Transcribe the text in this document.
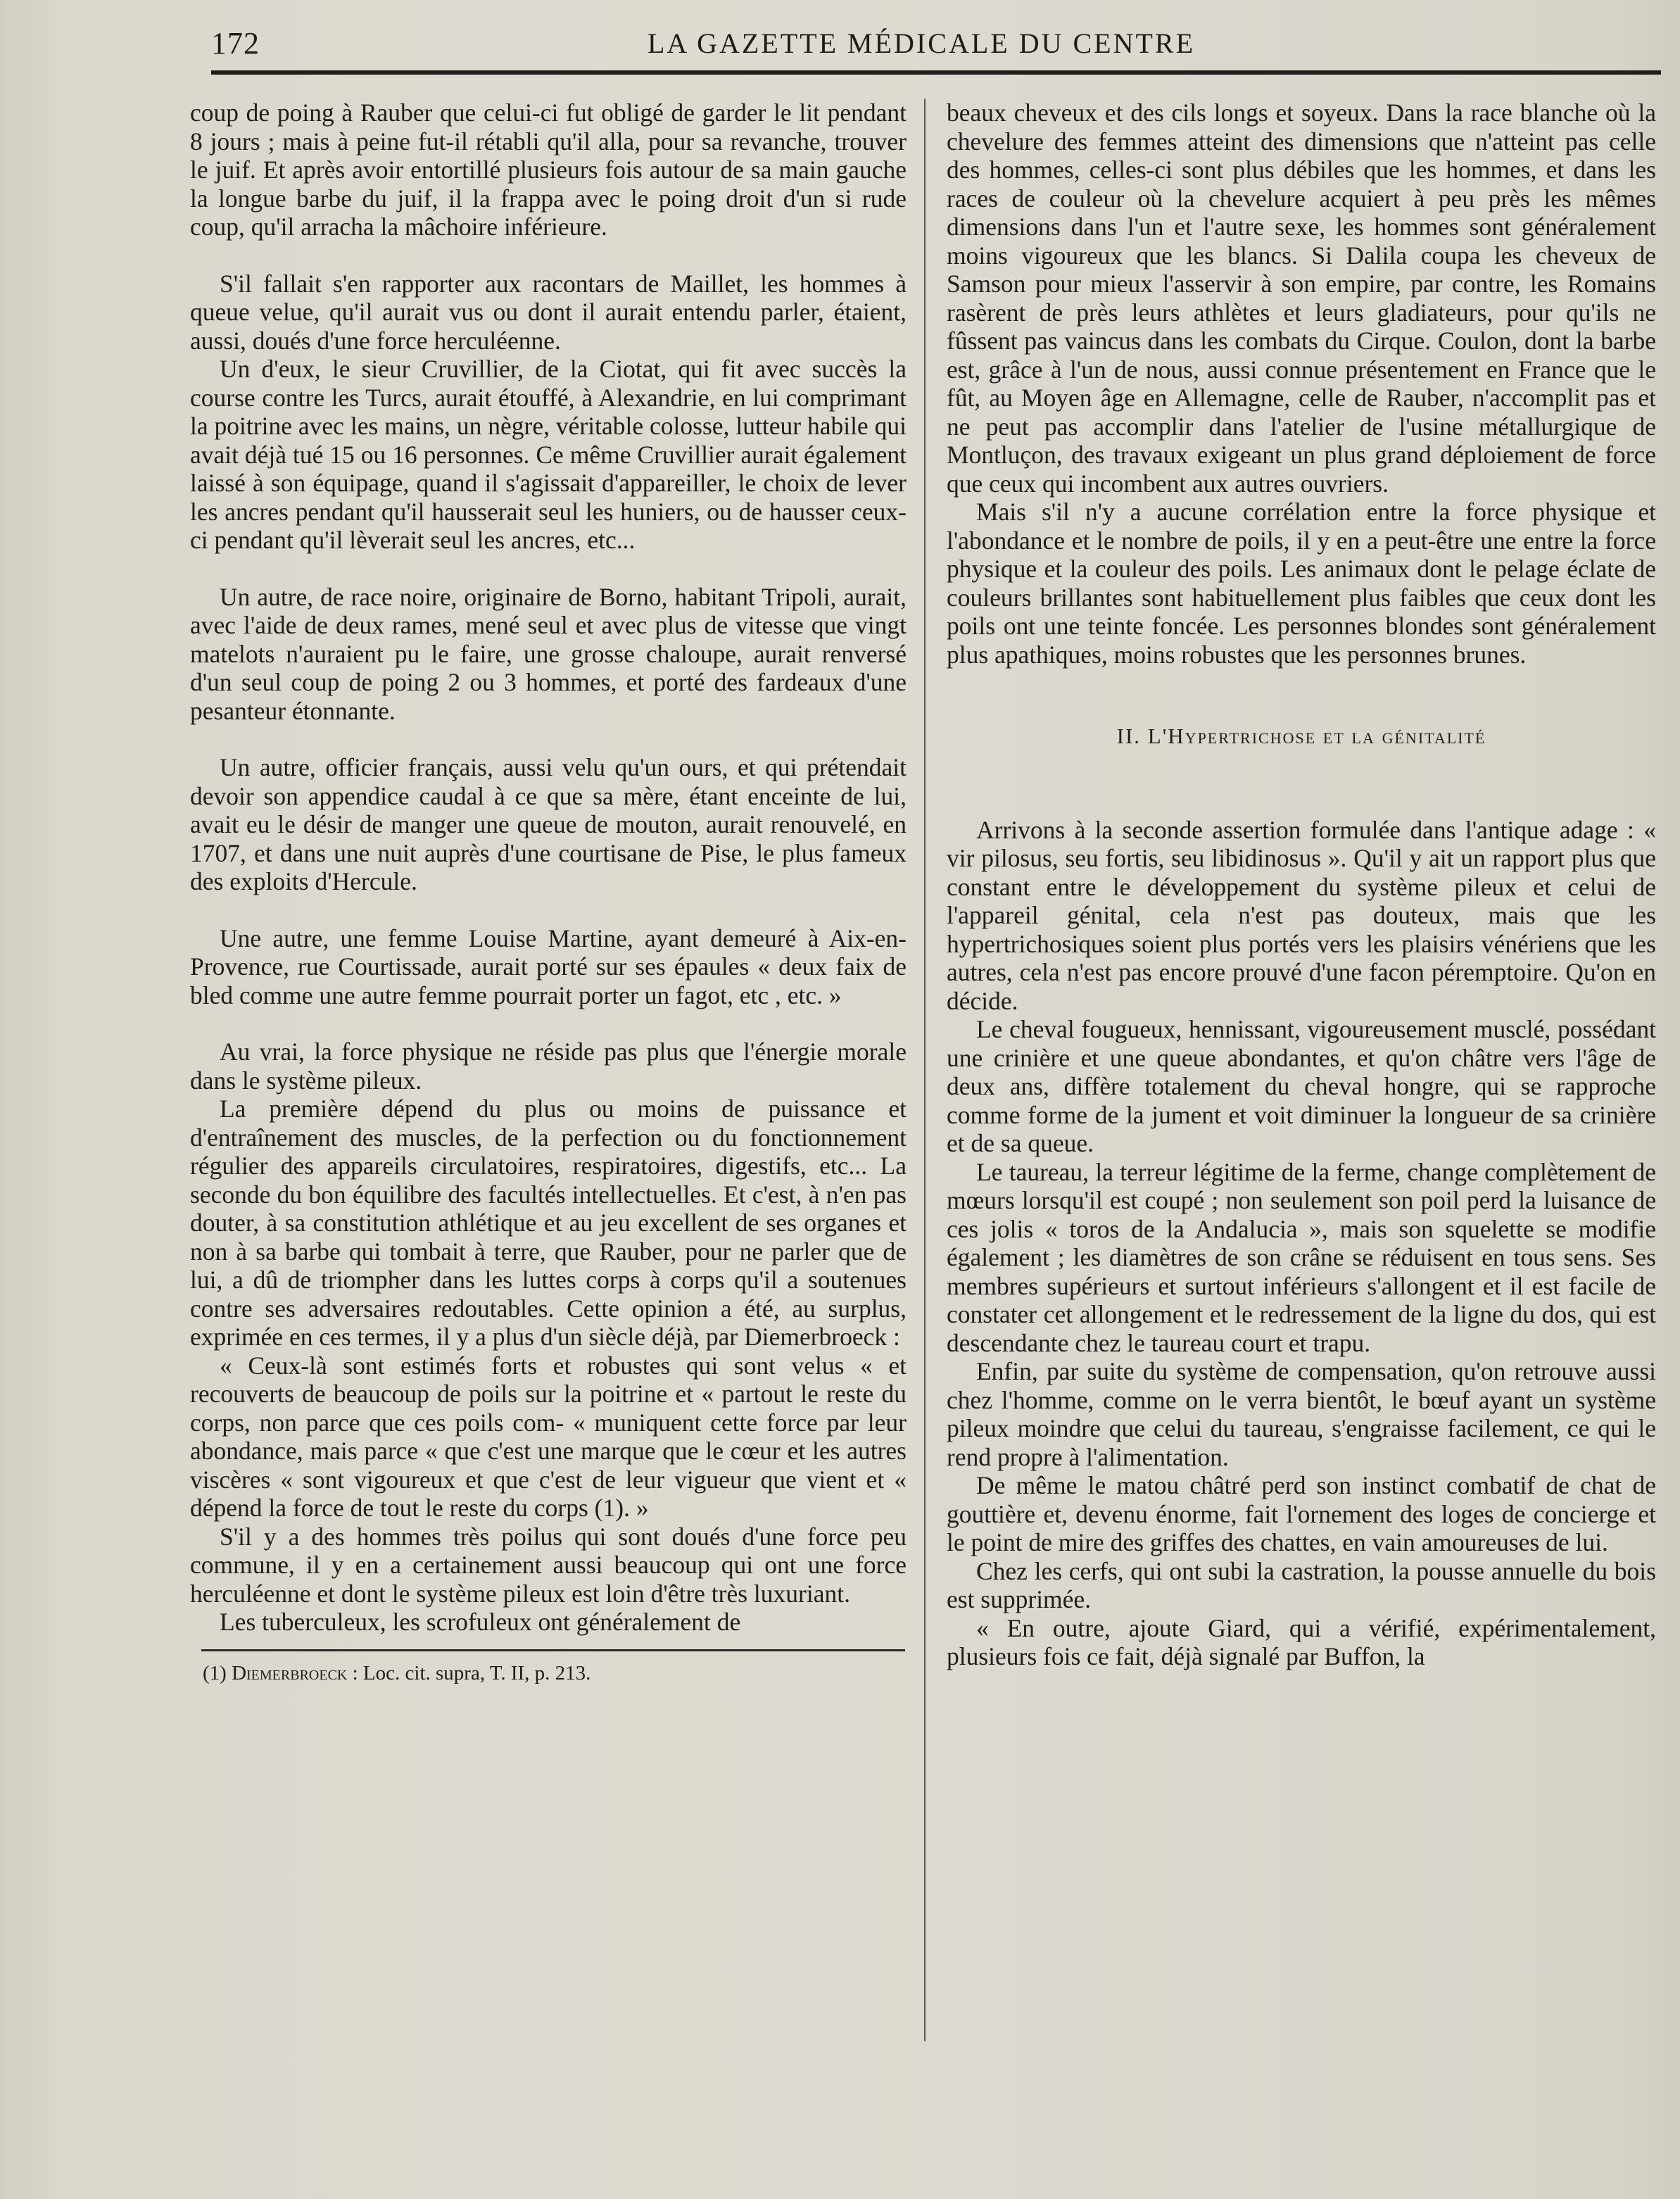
172	LA GAZETTE MÉDICALE DU CENTRE

coup de poing à Rauber que celui-ci fut obligé de garder le lit pendant 8 jours ; mais à peine fut-il rétabli qu'il alla, pour sa revanche, trouver le juif. Et après avoir entortillé plusieurs fois autour de sa main gauche la longue barbe du juif, il la frappa avec le poing droit d'un si rude coup, qu'il arracha la mâchoire inférieure.

S'il fallait s'en rapporter aux racontars de Maillet, les hommes à queue velue, qu'il aurait vus ou dont il aurait entendu parler, étaient, aussi, doués d'une force herculéenne.

Un d'eux, le sieur Cruvillier, de la Ciotat, qui fit avec succès la course contre les Turcs, aurait étouffé, à Alexandrie, en lui comprimant la poitrine avec les mains, un nègre, véritable colosse, lutteur habile qui avait déjà tué 15 ou 16 personnes. Ce même Cruvillier aurait également laissé à son équipage, quand il s'agissait d'appareiller, le choix de lever les ancres pendant qu'il hausserait seul les huniers, ou de hausser ceux-ci pendant qu'il lèverait seul les ancres, etc...

Un autre, de race noire, originaire de Borno, habitant Tripoli, aurait, avec l'aide de deux rames, mené seul et avec plus de vitesse que vingt matelots n'auraient pu le faire, une grosse chaloupe, aurait renversé d'un seul coup de poing 2 ou 3 hommes, et porté des fardeaux d'une pesanteur étonnante.

Un autre, officier français, aussi velu qu'un ours, et qui prétendait devoir son appendice caudal à ce que sa mère, étant enceinte de lui, avait eu le désir de manger une queue de mouton, aurait renouvelé, en 1707, et dans une nuit auprès d'une courtisane de Pise, le plus fameux des exploits d'Hercule.

Une autre, une femme Louise Martine, ayant demeuré à Aix-en-Provence, rue Courtissade, aurait porté sur ses épaules « deux faix de bled comme une autre femme pourrait porter un fagot, etc , etc. »

Au vrai, la force physique ne réside pas plus que l'énergie morale dans le système pileux.

La première dépend du plus ou moins de puissance et d'entraînement des muscles, de la perfection ou du fonctionnement régulier des appareils circulatoires, respiratoires, digestifs, etc... La seconde du bon équilibre des facultés intellectuelles. Et c'est, à n'en pas douter, à sa constitution athlétique et au jeu excellent de ses organes et non à sa barbe qui tombait à terre, que Rauber, pour ne parler que de lui, a dû de triompher dans les luttes corps à corps qu'il a soutenues contre ses adversaires redoutables. Cette opinion a été, au surplus, exprimée en ces termes, il y a plus d'un siècle déjà, par Diemerbroeck :

« Ceux-là sont estimés forts et robustes qui sont velus « et recouverts de beaucoup de poils sur la poitrine et « partout le reste du corps, non parce que ces poils com- « muniquent cette force par leur abondance, mais parce « que c'est une marque que le cœur et les autres viscères « sont vigoureux et que c'est de leur vigueur que vient et « dépend la force de tout le reste du corps (1). »

S'il y a des hommes très poilus qui sont doués d'une force peu commune, il y en a certainement aussi beaucoup qui ont une force herculéenne et dont le système pileux est loin d'être très luxuriant.

Les tuberculeux, les scrofuleux ont généralement de

(1) Diemerbroeck : Loc. cit. supra, T. II, p. 213.

beaux cheveux et des cils longs et soyeux. Dans la race blanche où la chevelure des femmes atteint des dimensions que n'atteint pas celle des hommes, celles-ci sont plus débiles que les hommes, et dans les races de couleur où la chevelure acquiert à peu près les mêmes dimensions dans l'un et l'autre sexe, les hommes sont généralement moins vigoureux que les blancs. Si Dalila coupa les cheveux de Samson pour mieux l'asservir à son empire, par contre, les Romains rasèrent de près leurs athlètes et leurs gladiateurs, pour qu'ils ne fûssent pas vaincus dans les combats du Cirque. Coulon, dont la barbe est, grâce à l'un de nous, aussi connue présentement en France que le fût, au Moyen âge en Allemagne, celle de Rauber, n'accomplit pas et ne peut pas accomplir dans l'atelier de l'usine métallurgique de Montluçon, des travaux exigeant un plus grand déploiement de force que ceux qui incombent aux autres ouvriers.

Mais s'il n'y a aucune corrélation entre la force physique et l'abondance et le nombre de poils, il y en a peut-être une entre la force physique et la couleur des poils. Les animaux dont le pelage éclate de couleurs brillantes sont habituellement plus faibles que ceux dont les poils ont une teinte foncée. Les personnes blondes sont généralement plus apathiques, moins robustes que les personnes brunes.

II. L'Hypertrichose et la génitalité

Arrivons à la seconde assertion formulée dans l'antique adage : « vir pilosus, seu fortis, seu libidinosus ». Qu'il y ait un rapport plus que constant entre le développement du système pileux et celui de l'appareil génital, cela n'est pas douteux, mais que les hypertrichosiques soient plus portés vers les plaisirs vénériens que les autres, cela n'est pas encore prouvé d'une facon péremptoire. Qu'on en décide.

Le cheval fougueux, hennissant, vigoureusement musclé, possédant une crinière et une queue abondantes, et qu'on châtre vers l'âge de deux ans, diffère totalement du cheval hongre, qui se rapproche comme forme de la jument et voit diminuer la longueur de sa crinière et de sa queue.

Le taureau, la terreur légitime de la ferme, change complètement de mœurs lorsqu'il est coupé ; non seulement son poil perd la luisance de ces jolis « toros de la Andalucia », mais son squelette se modifie également ; les diamètres de son crâne se réduisent en tous sens. Ses membres supérieurs et surtout inférieurs s'allongent et il est facile de constater cet allongement et le redressement de la ligne du dos, qui est descendante chez le taureau court et trapu.

Enfin, par suite du système de compensation, qu'on retrouve aussi chez l'homme, comme on le verra bientôt, le bœuf ayant un système pileux moindre que celui du taureau, s'engraisse facilement, ce qui le rend propre à l'alimentation.

De même le matou châtré perd son instinct combatif de chat de gouttière et, devenu énorme, fait l'ornement des loges de concierge et le point de mire des griffes des chattes, en vain amoureuses de lui.

Chez les cerfs, qui ont subi la castration, la pousse annuelle du bois est supprimée.

« En outre, ajoute Giard, qui a vérifié, expérimentalement, plusieurs fois ce fait, déjà signalé par Buffon, la
